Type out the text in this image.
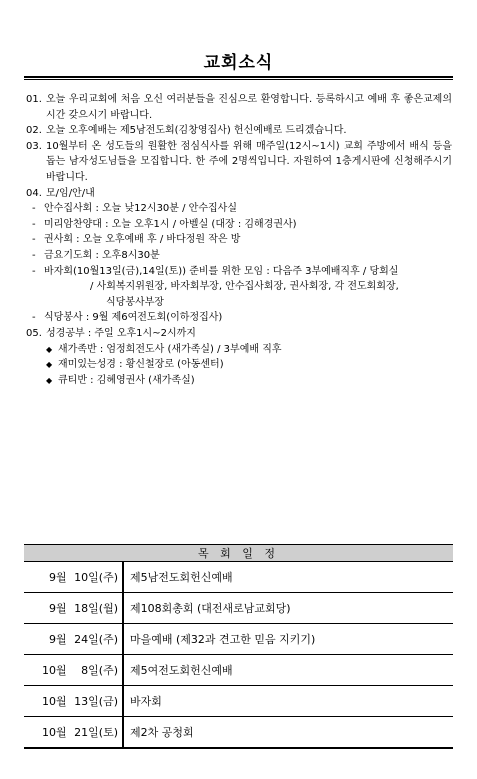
교회소식
01. 오늘 우리교회에 처음 오신 여러분들을 진심으로 환영합니다. 등록하시고 예배 후 좋은교제의 시간 갖으시기 바랍니다.
02. 오늘 오후예배는 제5남전도회(김창영집사) 헌신예배로 드리겠습니다.
03. 10월부터 온 성도들의 원활한 점심식사를 위해 매주일(12시~1시) 교회 주방에서 배식 등을 돕는 남자성도님들을 모집합니다. 한 주에 2명씩입니다. 자원하여 1층게시판에 신청해주시기 바랍니다.
04. 모/임/안/내
- 안수집사회 : 오늘 낮12시30분 / 안수집사실
- 미리암찬양대 : 오늘 오후1시 / 아벨실 (대장 : 김해경권사)
- 권사회 : 오늘 오후예배 후 / 바다정원 작은 방
- 금요기도회 : 오후8시30분
- 바자회(10월13일(금),14일(토)) 준비를 위한 모임 : 다음주 3부예배직후 / 당회실
/ 사회복지위원장, 바자회부장, 안수집사회장, 권사회장, 각 전도회회장,
식당봉사부장
- 식당봉사 : 9월 제6여전도회(이하정집사)
05. 성경공부 : 주일 오후1시~2시까지
◆ 새가족반 : 엄정희전도사 (새가족실) / 3부예배 직후
◆ 재미있는성경 : 황신철장로 (아동센터)
◆ 큐티반 : 김혜영권사 (새가족실)
목 회 일 정	
9월 10일(주)	제5남전도회헌신예배
9월 18일(월)	제108회총회 (대전새로남교회당)
9월 24일(주)	마을예배 (제32과 견고한 믿음 지키기)
10월 8일(주)	제5여전도회헌신예배
10월 13일(금)	바자회
10월 21일(토)	제2차 공청회
